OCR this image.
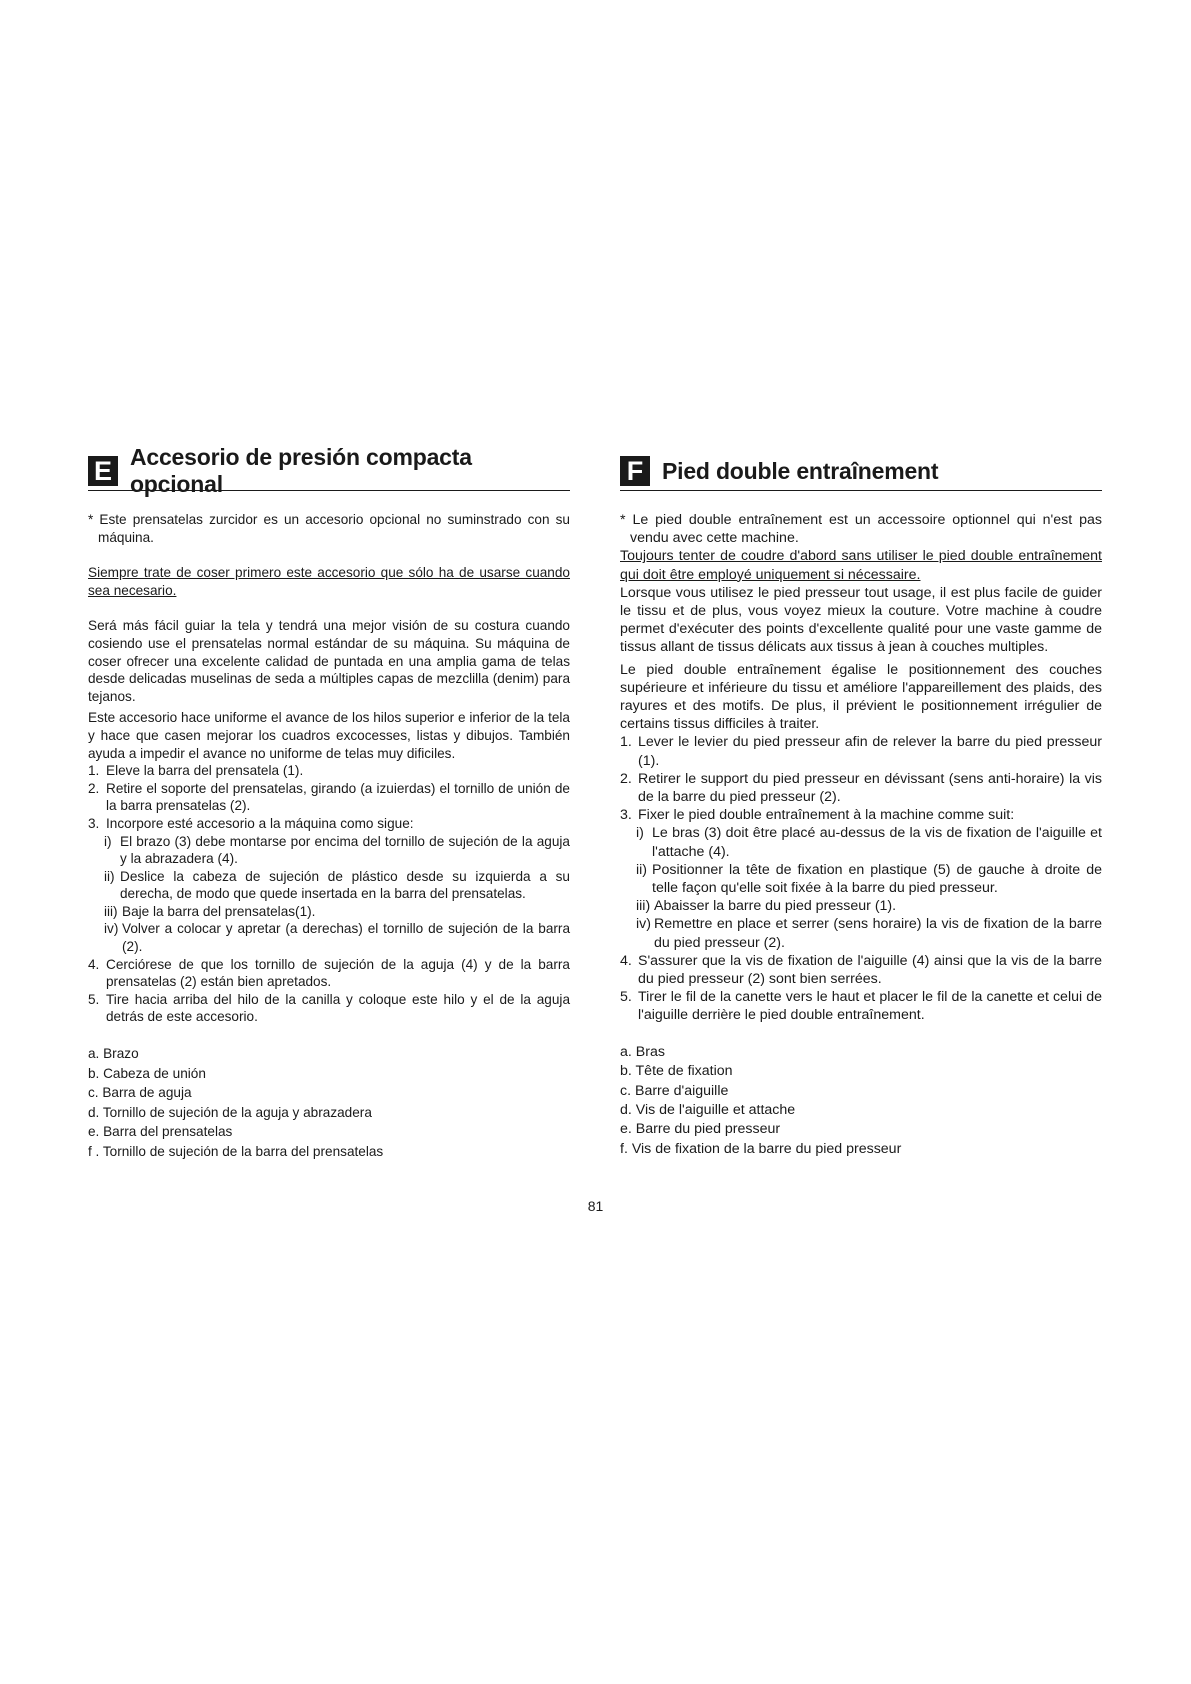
E Accesorio de presión compacta opcional

* Este prensatelas zurcidor es un accesorio opcional no suminstrado con su máquina.

Siempre trate de coser primero este accesorio que sólo ha de usarse cuando sea necesario.

Será más fácil guiar la tela y tendrá una mejor visión de su costura cuando cosiendo use el prensatelas normal estándar de su máquina. Su máquina de coser ofrecer una excelente calidad de puntada en una amplia gama de telas desde delicadas muselinas de seda a múltiples capas de mezclilla (denim) para tejanos.

Este accesorio hace uniforme el avance de los hilos superior e inferior de la tela y hace que casen mejorar los cuadros excocesses, listas y dibujos. También ayuda a impedir el avance no uniforme de telas muy dificiles.

1. Eleve la barra del prensatela (1).
2. Retire el soporte del prensatelas, girando (a izuierdas) el tornillo de unión de la barra prensatelas (2).
3. Incorpore esté accesorio a la máquina como sigue:
i) El brazo (3) debe montarse por encima del tornillo de sujeción de la aguja y la abrazadera (4).
ii) Deslice la cabeza de sujeción de plástico desde su izquierda a su derecha, de modo que quede insertada en la barra del prensatelas.
iii) Baje la barra del prensatelas(1).
iv) Volver a colocar y apretar (a derechas) el tornillo de sujeción de la barra (2).
4. Cerciórese de que los tornillo de sujeción de la aguja (4) y de la barra prensatelas (2) están bien apretados.
5. Tire hacia arriba del hilo de la canilla y coloque este hilo y el de la aguja detrás de este accesorio.
a. Brazo
b. Cabeza de unión
c. Barra de aguja
d. Tornillo de sujeción de la aguja y abrazadera
e. Barra del prensatelas
f . Tornillo de sujeción de la barra del prensatelas
F Pied double entraînement

* Le pied double entraînement est un accessoire optionnel qui n'est pas vendu avec cette machine.

Toujours tenter de coudre d'abord sans utiliser le pied double entraînement qui doit être employé uniquement si nécessaire.

Lorsque vous utilisez le pied presseur tout usage, il est plus facile de guider le tissu et de plus, vous voyez mieux la couture. Votre machine à coudre permet d'exécuter des points d'excellente qualité pour une vaste gamme de tissus allant de tissus délicats aux tissus à jean à couches multiples.

Le pied double entraînement égalise le positionnement des couches supérieure et inférieure du tissu et améliore l'appareillement des plaids, des rayures et des motifs. De plus, il prévient le positionnement irrégulier de certains tissus difficiles à traiter.

1. Lever le levier du pied presseur afin de relever la barre du pied presseur (1).
2. Retirer le support du pied presseur en dévissant (sens anti-horaire) la vis de la barre du pied presseur (2).
3. Fixer le pied double entraînement à la machine comme suit:
i) Le bras (3) doit être placé au-dessus de la vis de fixation de l'aiguille et l'attache (4).
ii) Positionner la tête de fixation en plastique (5) de gauche à droite de telle façon qu'elle soit fixée à la barre du pied presseur.
iii) Abaisser la barre du pied presseur (1).
iv) Remettre en place et serrer (sens horaire) la vis de fixation de la barre du pied presseur (2).
4. S'assurer que la vis de fixation de l'aiguille (4) ainsi que la vis de la barre du pied presseur (2) sont bien serrées.
5. Tirer le fil de la canette vers le haut et placer le fil de la canette et celui de l'aiguille derrière le pied double entraînement.
a. Bras
b. Tête de fixation
c. Barre d'aiguille
d. Vis de l'aiguille et attache
e. Barre du pied presseur
f. Vis de fixation de la barre du pied presseur
81
